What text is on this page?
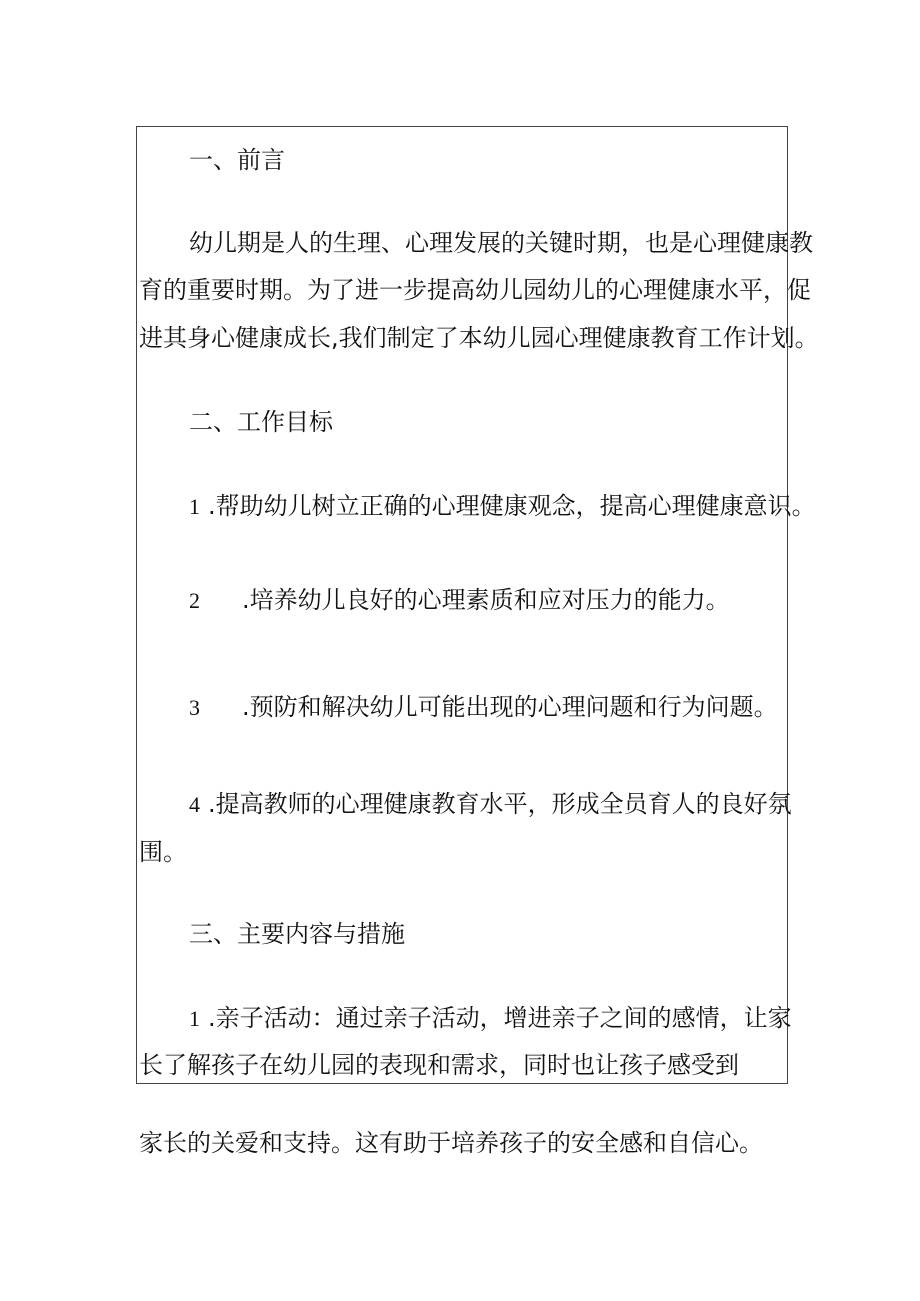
一、前言

幼儿期是人的生理、心理发展的关键时期，也是心理健康教

育的重要时期。为了进一步提高幼儿园幼儿的心理健康水平，促

进其身心健康成长,我们制定了本幼儿园心理健康教育工作计划。

二、工作目标

1 .帮助幼儿树立正确的心理健康观念，提高心理健康意识。

2 .培养幼儿良好的心理素质和应对压力的能力。

3 .预防和解决幼儿可能出现的心理问题和行为问题。

4 .提高教师的心理健康教育水平，形成全员育人的良好氛

围。

三、主要内容与措施

1 .亲子活动：通过亲子活动，增进亲子之间的感情，让家

长了解孩子在幼儿园的表现和需求，同时也让孩子感受到

家长的关爱和支持。这有助于培养孩子的安全感和自信心。
